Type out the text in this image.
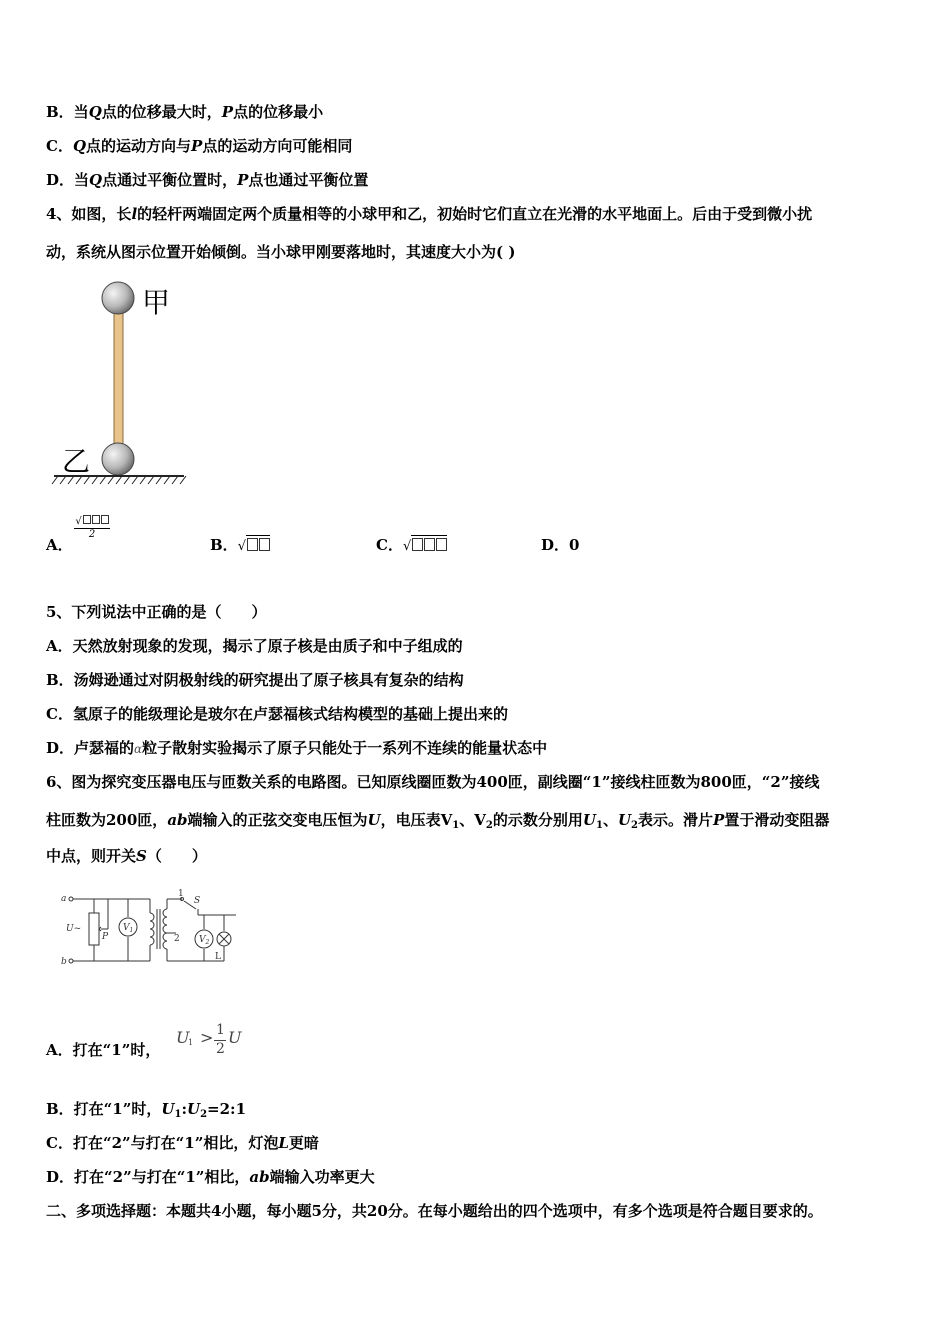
B．当Q点的位移最大时，P点的位移最小
C．Q点的运动方向与P点的运动方向可能相同
D．当Q点通过平衡位置时，P点也通过平衡位置
4、如图，长l的轻杆两端固定两个质量相等的小球甲和乙，初始时它们直立在光滑的水平地面上。后由于受到微小扰
动，系统从图示位置开始倾倒。当小球甲刚要落地时，其速度大小为( )
甲
乙
A．
√
2
B．√	C．√	D．0
5、下列说法中正确的是（　　）
A．天然放射现象的发现，揭示了原子核是由质子和中子组成的
B．汤姆逊通过对阴极射线的研究提出了原子核具有复杂的结构
C．氢原子的能级理论是玻尔在卢瑟福核式结构模型的基础上提出来的
D．卢瑟福的α粒子散射实验揭示了原子只能处于一系列不连续的能量状态中
6、图为探究变压器电压与匝数关系的电路图。已知原线圈匝数为400匝，副线圈“1”接线柱匝数为800匝，“2”接线
柱匝数为200匝，ab端输入的正弦交变电压恒为U，电压表$V_1$、$V_2$的示数分别用$U_1$、$U_2$表示。滑片P置于滑动变阻器
中点，则开关S（　　）
a
b
U~
P
$V_1$
$V_2$
1
2
S
L
A．打在“1”时，
U
1 > 1
2
U
B．打在“1”时，$U_1:U_2=2:1$
C．打在“2”与打在“1”相比，灯泡L更暗
D．打在“2”与打在“1”相比，ab端输入功率更大
二、多项选择题：本题共4小题，每小题5分，共20分。在每小题给出的四个选项中，有多个选项是符合题目要求的。
